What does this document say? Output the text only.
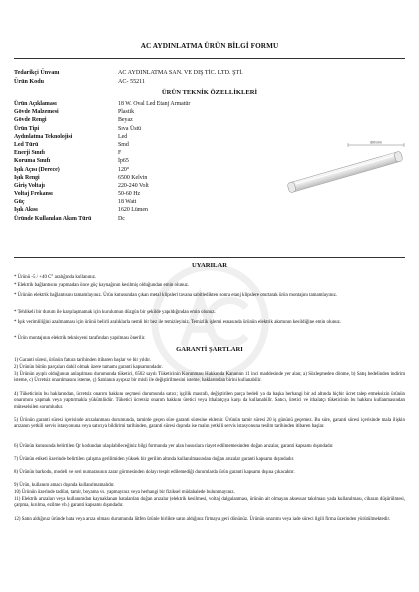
AC AYDINLATMA ÜRÜN BİLGİ FORMU
Tedarikçi Ünvanı	AC AYDINLATMA SAN. VE DIŞ TİC. LTD. ŞTİ.
Ürün Kodu	AC- 55211
ÜRÜN TEKNİK ÖZELLİKLERİ
Ürün Açıklaması	18 W. Oval Led Etanj Armatür
Gövde Malzemesi	Plastik
Gövde Rengi	Beyaz
Ürün Tipi	Sıva Üstü
Aydınlatma Teknolojisi	Led
Led Türü	Smd
Enerji Sınıfı	F
Koruma Sınıfı	İp65
Işık Açısı (Derece)	120°
Işık Rengi	6500 Kelvin
Giriş Voltajı	220-240 Volt
Voltaj Frekansı	50-60 Hz
Güç	18 Watt
Işık Akısı	1620 Lümen
Üründe Kullanılan Akım Türü	Dc
600 mm
UYARILAR
* Ürünü -5 / +40 C° aralığında kullanınız.
* Elektrik bağlantısını yapmadan önce güç kaynağının kesilmiş olduğundan emin olunuz.
* Ürünün elektrik bağlantısını tamamlayınız. Ürün kutusundan çıkan metal klipsleri tavana sabitledikten sonra etanj klipslere oturtarak ürün montajını tamamlayınız.
* Tehlikeli bir durum ile karşılaşmamak için kurulumun düzgün bir şekilde yapıldığından emin olunuz.
* Işık verimliliğini azalmaması için ürünü belirli aralıklarla nemli bir bez ile temizleyiniz. Temizlik işlemi esnasında ürünün elektrik akımının kesildiğine emin olunuz.
* Ürün montajının elektrik teknisyeni tarafından yapılması önerilir.
GARANTİ ŞARTLARI
1) Garanti süresi, ürünün fatura tarihinden itibaren başlar ve bir yıldır.
2) Ürünün bütün parçaları dahil olmak üzere tamamı garanti kapsamındadır.
3) Ürünün ayıplı olduğunun anlaşılması durumunda tüketici, 6502 sayılı Tüketicinin Korunması Hakkında Kanunun 11 inci maddesinde yer alan; a) Sözleşmeden dönme, b) Satış bedelinden indirim isteme, c) Ücretsiz onarılmasını isteme, ç) Satılanın ayıpsız bir misli ile değiştirilmesini isteme, haklarından birini kullanabilir.
4) Tüketicinin bu haklarından, ücretsiz onarım hakkını seçmesi durumunda satıcı; işçilik masrafı, değiştirilen parça bedeli ya da başka herhangi bir ad altında hiçbir ücret talep etmeksizin ürünün onarımını yapmak veya yaptırmakla yükümlüdür. Tüketici ücretsiz onarım hakkını üretici veya ithalatçıya karşı da kullanabilir. Satıcı, üretici ve ithalatçı tüketicinin bu hakkını kullanmasından müteselsilen sorumludur.
5) Ürünün garanti süresi içerisinde arızalanması durumunda, tamirde geçen süre garanti süresine eklenir. Ürünün tamir süresi 20 iş gününü geçemez. Bu süre, garanti süresi içerisinde mala ilişkin arızanın yetkili servis istasyonuna veya satıcıya bildirimi tarihinden, garanti süresi dışında ise malın yetkili servis istasyonuna teslim tarihinden itibaren başlar.
6) Ürünün kutusunda belirtilen Qr kodundan ulaşılabileceğiniz bilgi formunda yer alan hususlara riayet edilmemesinden doğan arızalar, garanti kapsamı dışındadır.
7) Ürünün etiketi üzerinde belirtilen çalışma gerilimiden yüksek bir gerilim altında kullanılmasından doğan arızalar garanti kapsamı dışındadır.
8) Ürünün barkodu, modeli ve seri numarasının zarar görmesinden dolayı tespit edilemediği durumlarda ürün garanti kapsamı dışına çıkacaktır.
9) Ürün, kullanım amacı dışında kullanılmamalıdır.
10) Ürünün üzerinde tadilat, tamir, boyama vs. yapmayınız veya herhangi bir fiziksel müdahalede bulunmayınız.
11) Elektrik arızaları veya kullanımdan kaynaklanan hatalardan doğan arızalar (elektrik kesilmesi, voltaj dalgalanması, ürünün ait olmayan aksesuar takılması yada kullanılması, cihazın düşürülmesi, çarpma, kırılma, ezilme vb.) garanti kapsamı dışındadır.
12) Satın aldığınız üründe hata veya arıza olması durumunda lütfen ürünle birlikte satın aldığınız firmaya geri dönünüz. Ürünün onarımı veya iade süreci ilgili firma üzerinden yürütülmektedir.
